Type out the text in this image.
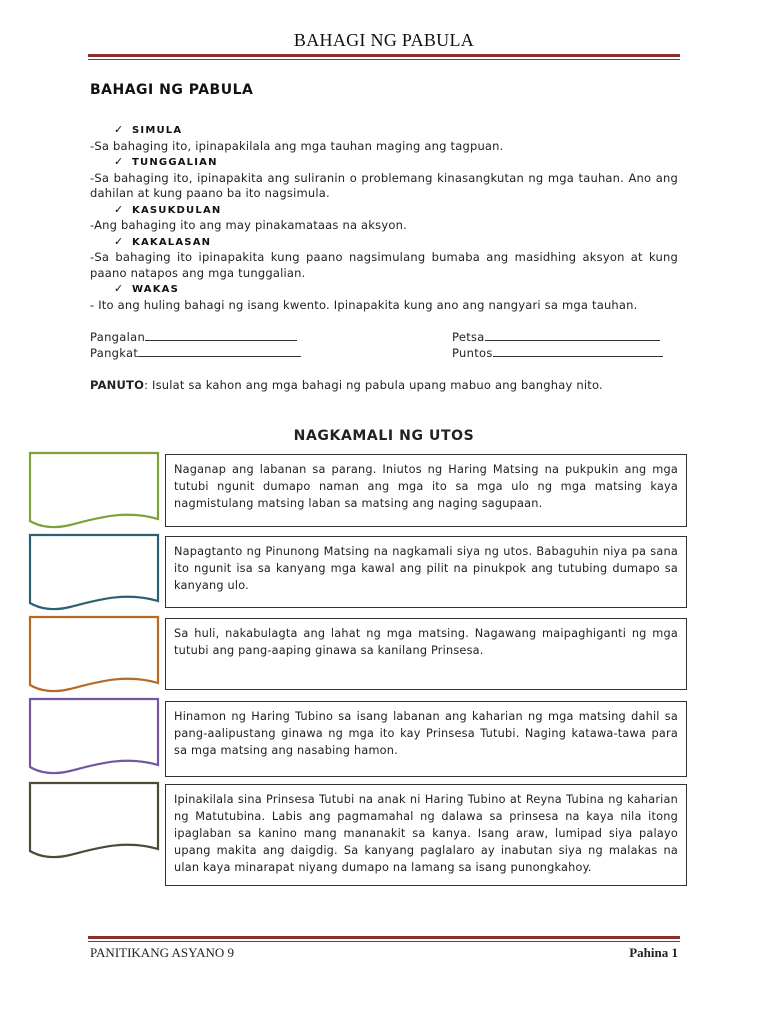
BAHAGI NG PABULA
BAHAGI NG PABULA
✓ SIMULA
-Sa bahaging ito, ipinapakilala ang mga tauhan maging ang tagpuan.
✓ TUNGGALIAN
-Sa bahaging ito, ipinapakita ang suliranin o problemang kinasangkutan ng mga tauhan. Ano ang dahilan at kung paano ba ito nagsimula.
✓ KASUKDULAN
-Ang bahaging ito ang may pinakamataas na aksyon.
✓ KAKALASAN
-Sa bahaging ito ipinapakita kung paano nagsimulang bumaba ang masidhing aksyon at kung paano natapos ang mga tunggalian.
✓ WAKAS
- Ito ang huling bahagi ng isang kwento. Ipinapakita kung ano ang nangyari sa mga tauhan.
Pangalan
Pangkat
Petsa
Puntos
PANUTO: Isulat sa kahon ang mga bahagi ng pabula upang mabuo ang banghay nito.
NAGKAMALI NG UTOS
Naganap ang labanan sa parang. Iniutos ng Haring Matsing na pukpukin ang mga tutubi ngunit dumapo naman ang mga ito sa mga ulo ng mga matsing kaya nagmistulang matsing laban sa matsing ang naging sagupaan.
Napagtanto ng Pinunong Matsing na nagkamali siya ng utos. Babaguhin niya pa sana ito ngunit isa sa kanyang mga kawal ang pilit na pinukpok ang tutubing dumapo sa kanyang ulo.
Sa huli, nakabulagta ang lahat ng mga matsing. Nagawang maipaghiganti ng mga tutubi ang pang-aaping ginawa sa kanilang Prinsesa.
Hinamon ng Haring Tubino sa isang labanan ang kaharian ng mga matsing dahil sa pang-aalipustang ginawa ng mga ito kay Prinsesa Tutubi. Naging katawa-tawa para sa mga matsing ang nasabing hamon.
Ipinakilala sina Prinsesa Tutubi na anak ni Haring Tubino at Reyna Tubina ng kaharian ng Matutubina. Labis ang pagmamahal ng dalawa sa prinsesa na kaya nila itong ipaglaban sa kanino mang mananakit sa kanya. Isang araw, lumipad siya palayo upang makita ang daigdig. Sa kanyang paglalaro ay inabutan siya ng malakas na ulan kaya minarapat niyang dumapo na lamang sa isang punongkahoy.
PANITIKANG ASYANO 9	Pahina 1
